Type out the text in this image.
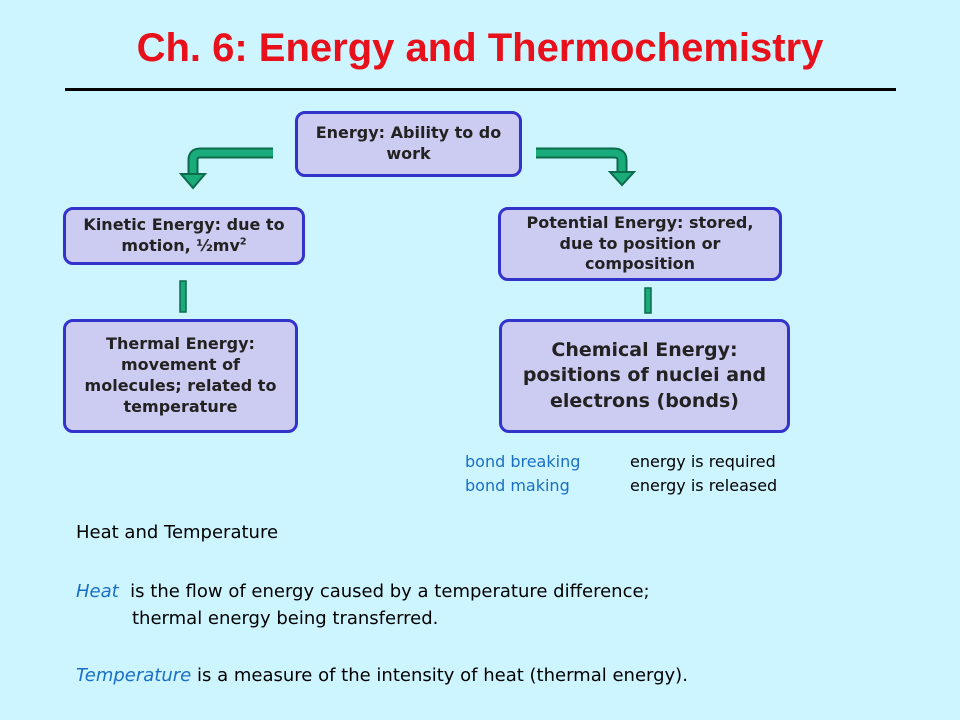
Ch. 6: Energy and Thermochemistry
Energy: Ability to do work
Kinetic Energy: due to motion, $\frac{1}{2}mv^2$
Potential Energy: stored, due to position or composition
Thermal Energy: movement of molecules; related to temperature
Chemical Energy: positions of nuclei and electrons (bonds)
bond breaking	energy is required
bond making	energy is released
Heat and Temperature
Heat is the flow of energy caused by a temperature difference;
thermal energy being transferred.
Temperature is a measure of the intensity of heat (thermal energy).
